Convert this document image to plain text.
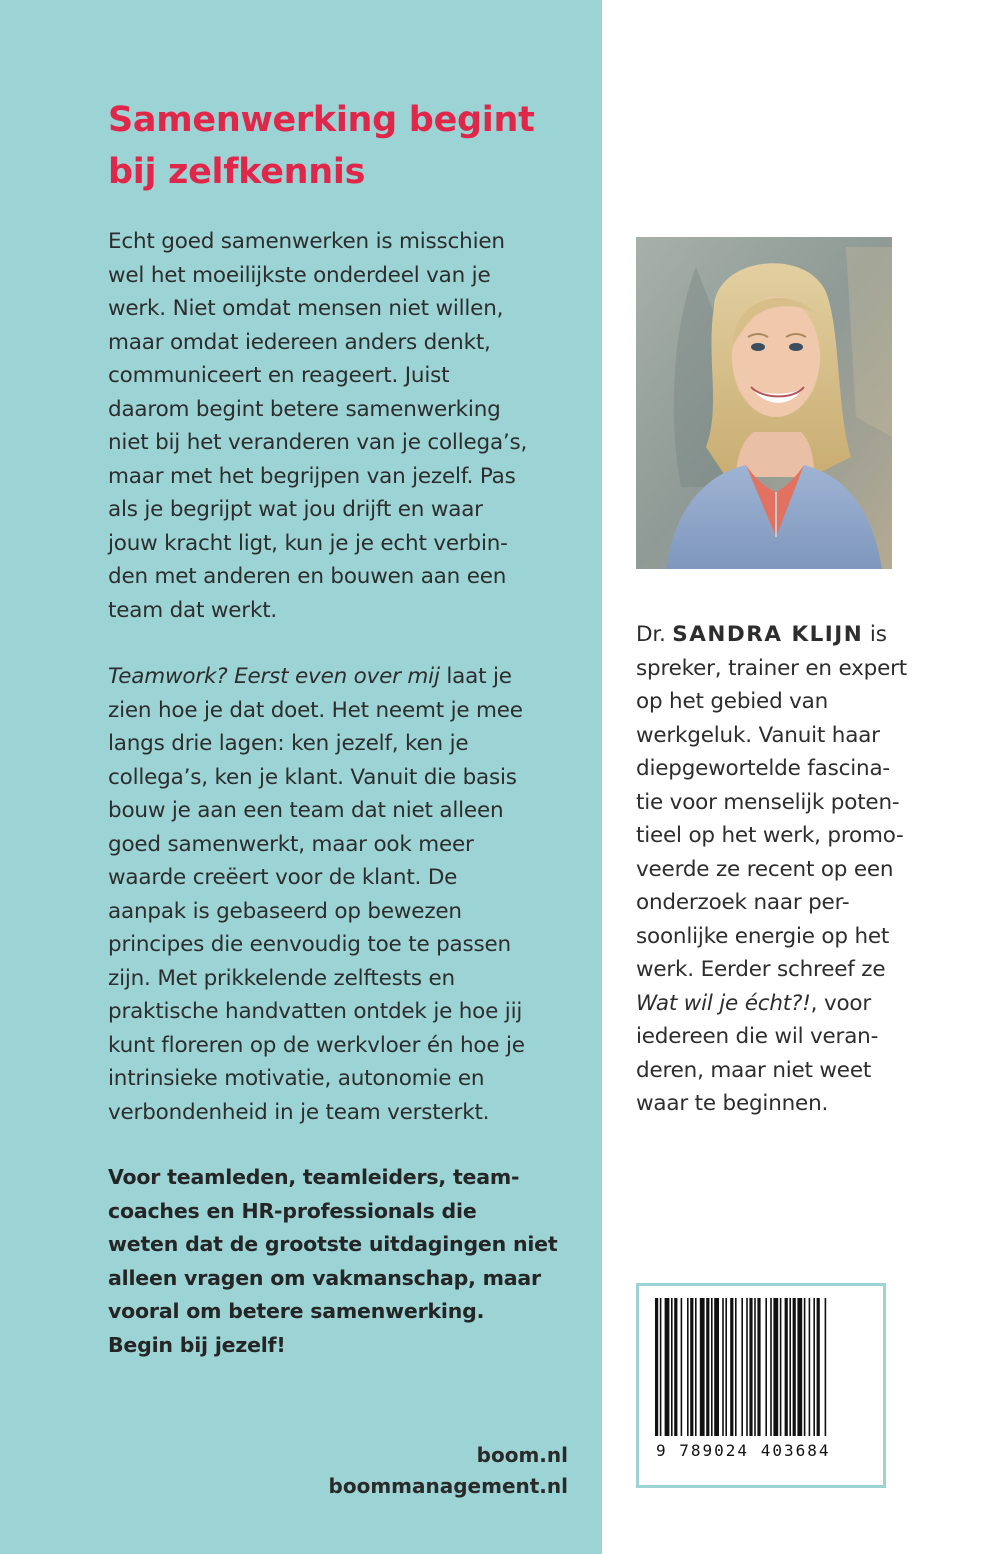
Samenwerking begint
bij zelfkennis
Echt goed samenwerken is misschien
wel het moeilijkste onderdeel van je
werk. Niet omdat mensen niet willen,
maar omdat iedereen anders denkt,
communiceert en reageert. Juist
daarom begint betere samenwerking
niet bij het veranderen van je collega’s,
maar met het begrijpen van jezelf. Pas
als je begrijpt wat jou drijft en waar
jouw kracht ligt, kun je je echt verbin-
den met anderen en bouwen aan een
team dat werkt.
Teamwork? Eerst even over mij laat je
zien hoe je dat doet. Het neemt je mee
langs drie lagen: ken jezelf, ken je
collega’s, ken je klant. Vanuit die basis
bouw je aan een team dat niet alleen
goed samenwerkt, maar ook meer
waarde creëert voor de klant. De
aanpak is gebaseerd op bewezen
principes die eenvoudig toe te passen
zijn. Met prikkelende zelftests en
praktische handvatten ontdek je hoe jij
kunt floreren op de werkvloer én hoe je
intrinsieke motivatie, autonomie en
verbondenheid in je team versterkt.
Voor teamleden, teamleiders, team-
coaches en HR-professionals die
weten dat de grootste uitdagingen niet
alleen vragen om vakmanschap, maar
vooral om betere samenwerking.
Begin bij jezelf!
boom.nl
boommanagement.nl
Dr. SANDRA KLIJN is
spreker, trainer en expert
op het gebied van
werkgeluk. Vanuit haar
diepgewortelde fascina-
tie voor menselijk poten-
tieel op het werk, promo-
veerde ze recent op een
onderzoek naar per-
soonlijke energie op het
werk. Eerder schreef ze
Wat wil je écht?!, voor
iedereen die wil veran-
deren, maar niet weet
waar te beginnen.
9 789024 403684
